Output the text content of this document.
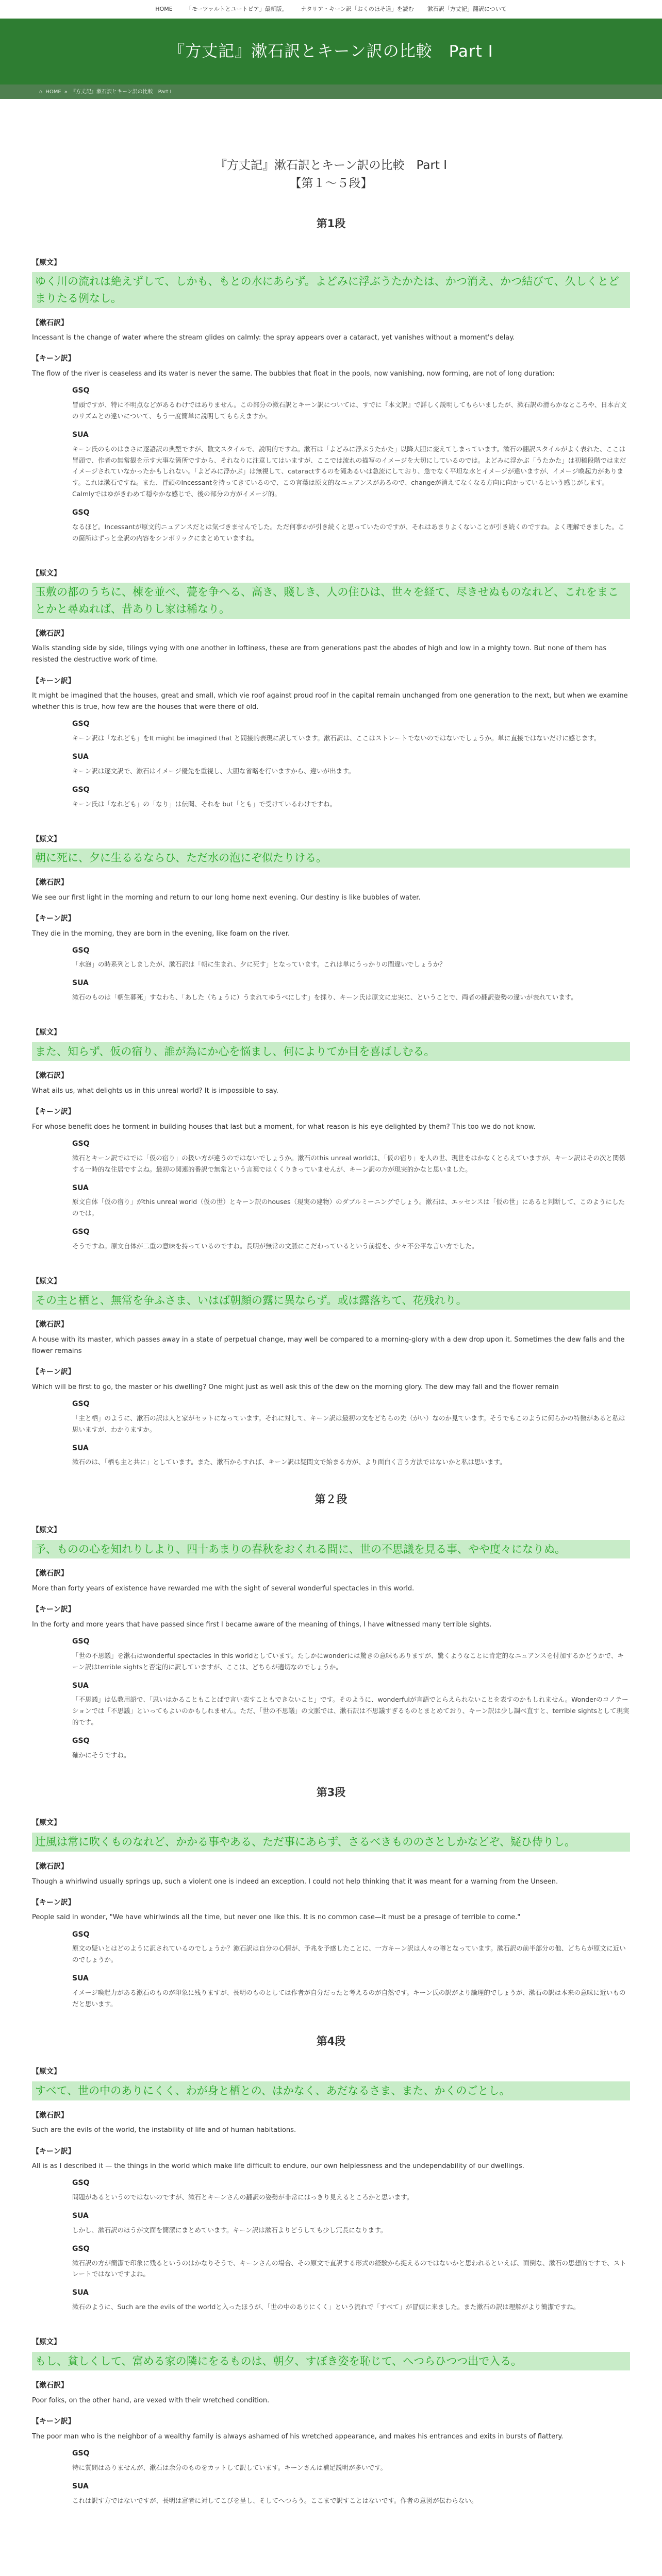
HOME 「モーツァルトとユートピア」最新版。 ナタリア・キーン訳「おくのほそ道」を読む 漱石訳「方丈記」翻訳について
『方丈記』漱石訳とキーン訳の比較　Part Ⅰ
⌂ HOME » 『方丈記』漱石訳とキーン訳の比較　Part Ⅰ
『方丈記』漱石訳とキーン訳の比較　Part Ⅰ
【第１〜５段】
第1段
【原文】
ゆく川の流れは絶えずして、しかも、もとの水にあらず。よどみに浮ぶうたかたは、かつ消え、かつ結びて、久しくとどまりたる例なし。
【漱石訳】
Incessant is the change of water where the stream glides on calmly: the spray appears over a cataract, yet vanishes without a moment's delay.
【キーン訳】
The flow of the river is ceaseless and its water is never the same. The bubbles that float in the pools, now vanishing, now forming, are not of long duration:
GSQ
冒頭ですが、特に不明点などがあるわけではありません。この部分の漱石訳とキーン訳については、すでに『本文訳』で詳しく説明してもらいましたが、漱石訳の滑らかなところや、日本古文のリズムとの違いについて、もう一度簡単に説明してもらえますか。
SUA
キーン氏のものはまさに逐語訳の典型ですが、散文スタイルで、説明的ですね。漱石は「よどみに浮ぶうたかた」以降大胆に変えてしまっています。漱石の翻訳スタイルがよく表れた、ここは冒頭で、作者の無常観を示す大事な箇所ですから、それなりに注意してはいますが、ここでは流れの描写のイメージを大切にしているのでは。よどみに浮かぶ「うたかた」は初稿段階ではまだイメージされていなかったかもしれない。「よどみに浮かぶ」は無視して、cataractするのを滝あるいは急流にしており、急でなく平坦な水とイメージが違いますが、イメージ喚起力があります。これは漱石ですね。また、冒頭のIncessantを持ってきているので、この言葉は原文的なニュアンスがあるので、changeが消えてなくなる方向に向かっているという感じがします。Calmlyではゆがきわめて穏やかな感じで、後の部分の方がイメージ的。
GSQ
なるほど。Incessantが原文的ニュアンスだとは気づきませんでした。ただ何事かが引き続くと思っていたのですが、それはあまりよくないことが引き続くのですね。よく理解できました。この箇所はずっと全訳の内容をシンボリックにまとめていますね。
【原文】
玉敷の都のうちに、棟を並べ、甍を争へる、高き、賤しき、人の住ひは、世々を経て、尽きせぬものなれど、これをまことかと尋ぬれば、昔ありし家は稀なり。
【漱石訳】
Walls standing side by side, tilings vying with one another in loftiness, these are from generations past the abodes of high and low in a mighty town. But none of them has resisted the destructive work of time.
【キーン訳】
It might be imagined that the houses, great and small, which vie roof against proud roof in the capital remain unchanged from one generation to the next, but when we examine whether this is true, how few are the houses that were there of old.
GSQ
キーン訳は「なれども」をIt might be imagined that と間接的表現に訳しています。漱石訳は、ここはストレートでないのではないでしょうか。単に直接ではないだけに感じます。
SUA
キーン訳は逐文訳で、漱石はイメージ優先を重視し、大胆な省略を行いますから、違いが出ます。
GSQ
キーン氏は「なれども」の「なり」は伝聞、それを but「とも」で受けているわけですね。
【原文】
朝に死に、夕に生るるならひ、ただ水の泡にぞ似たりける。
【漱石訳】
We see our first light in the morning and return to our long home next evening. Our destiny is like bubbles of water.
【キーン訳】
They die in the morning, they are born in the evening, like foam on the river.
GSQ
「水泡」の時系列としましたが、漱石訳は「朝に生まれ、夕に死す」となっています。これは単にうっかりの間違いでしょうか？
SUA
漱石のものは「朝生暮死」すなわち、「あした（ちょうに）うまれてゆうべにしす」を採り、キーン氏は原文に忠実に、ということで、両者の翻訳姿勢の違いが表れています。
【原文】
また、知らず、仮の宿り、誰が為にか心を悩まし、何によりてか目を喜ばしむる。
【漱石訳】
What ails us, what delights us in this unreal world? It is impossible to say.
【キーン訳】
For whose benefit does he torment in building houses that last but a moment, for what reason is his eye delighted by them? This too we do not know.
GSQ
漱石とキーン訳ではでは「仮の宿り」の扱い方が違うのではないでしょうか。漱石のthis unreal worldは、「仮の宿り」を人の世、現世をはかなくとらえていますが、キーン訳はその次と関係する一時的な住居ですよね。最初の関連的番訳で無常という言葉ではくくりきっていませんが、キーン訳の方が現実的かなと思いました。
SUA
原文自体「仮の宿り」がthis unreal world（仮の世）とキーン訳のhouses（現実の建物）のダブルミーニングでしょう。漱石は、エッセンスは「仮の世」にあると判断して、このようにしたのでは。
GSQ
そうですね。原文自体が二重の意味を持っているのですね。長明が無常の文脈にこだわっているという前提を、少々不公平な言い方でした。
【原文】
その主と栖と、無常を争ふさま、いはば朝顔の露に異ならず。或は露落ちて、花残れり。
【漱石訳】
A house with its master, which passes away in a state of perpetual change, may well be compared to a morning-glory with a dew drop upon it. Sometimes the dew falls and the flower remains
【キーン訳】
Which will be first to go, the master or his dwelling? One might just as well ask this of the dew on the morning glory. The dew may fall and the flower remain
GSQ
「主と栖」のように、漱石の訳は人と家がセットになっています。それに対して、キーン訳は最初の文をどちらの先（がい）なのか見ています。そうでもこのように何らかの特徴があると私は思いますが、わかりますか。
SUA
漱石のは、「栖も主と共に」としています。また、漱石からすれば、キーン訳は疑問文で始まる方が、より面白く言う方法ではないかと私は思います。
第２段
【原文】
予、ものの心を知れりしより、四十あまりの春秋をおくれる間に、世の不思議を見る事、やや度々になりぬ。
【漱石訳】
More than forty years of existence have rewarded me with the sight of several wonderful spectacles in this world.
【キーン訳】
In the forty and more years that have passed since first I became aware of the meaning of things, I have witnessed many terrible sights.
GSQ
「世の不思議」を漱石はwonderful spectacles in this worldとしています。たしかにwonderには驚きの意味もありますが、驚くようなことに肯定的なニュアンスを付加するかどうかで、キーン訳はterrible sightsと否定的に訳していますが、ここは、どちらが適切なのでしょうか。
SUA
「不思議」は仏教用語で、「思いはかることもことばで言い表すこともできないこと」です。そのように、wonderfulが言語でとらえられないことを表すのかもしれません。Wonderのコノテーションでは「不思議」といってもよいのかもしれません。ただ、「世の不思議」の文脈では、漱石訳は不思議すぎるものとまとめており、キーン訳は少し調べ直すと、terrible sightsとして現実的です。
GSQ
確かにそうですね。
第3段
【原文】
辻風は常に吹くものなれど、かかる事やある、ただ事にあらず、さるべきもののさとしかなどぞ、疑ひ侍りし。
【漱石訳】
Though a whirlwind usually springs up, such a violent one is indeed an exception. I could not help thinking that it was meant for a warning from the Unseen.
【キーン訳】
People said in wonder, "We have whirlwinds all the time, but never one like this. It is no common case—it must be a presage of terrible to come."
GSQ
原文の疑いとはどのように訳されているのでしょうか？漱石訳は自分の心情が、予兆を予感したことに、一方キーン訳は人々の噂となっています。漱石訳の前半部分の他、どちらが原文に近いのでしょうか。
SUA
イメージ喚起力がある漱石のものが印象に残りますが、長明のものとしては作者が自分だったと考えるのが自然です。キーン氏の訳がより論理的でしょうが、漱石の訳は本来の意味に近いものだと思います。
第4段
【原文】
すべて、世の中のありにくく、わが身と栖との、はかなく、あだなるさま、また、かくのごとし。
【漱石訳】
Such are the evils of the world, the instability of life and of human habitations.
【キーン訳】
All is as I described it — the things in the world which make life difficult to endure, our own helplessness and the undependability of our dwellings.
GSQ
問題があるというのではないのですが、漱石とキーンさんの翻訳の姿勢が非常にはっきり見えるところかと思います。
SUA
しかし、漱石訳のほうが文面を簡潔にまとめています。キーン訳は漱石よりどうしても少し冗長になります。
GSQ
漱石訳の方が簡潔で印象に残るというのはかなりそうで、キーンさんの場合、その原文で直訳する形式の経験から捉えるのではないかと思われるといえば、面倒な、漱石の思想的ですで、ストレートではないですよね。
SUA
漱石のように、Such are the evils of the worldと入ったほうが、「世の中のありにくく」という流れで「すべて」が冒頭に来ました。また漱石の訳は理解がより簡潔ですね。
【原文】
もし、貧しくして、富める家の隣にをるものは、朝夕、すぼき姿を恥じて、へつらひつつ出で入る。
【漱石訳】
Poor folks, on the other hand, are vexed with their wretched condition.
【キーン訳】
The poor man who is the neighbor of a wealthy family is always ashamed of his wretched appearance, and makes his entrances and exits in bursts of flattery.
GSQ
特に質問はありませんが、漱石は余分のものをカットして訳しています。キーンさんは補足説明が多いです。
SUA
これは訳す方ではないですが、長明は富者に対してこびを呈し、そしてへつらう。ここまで訳すことはないです。作者の意図が伝わらない。
